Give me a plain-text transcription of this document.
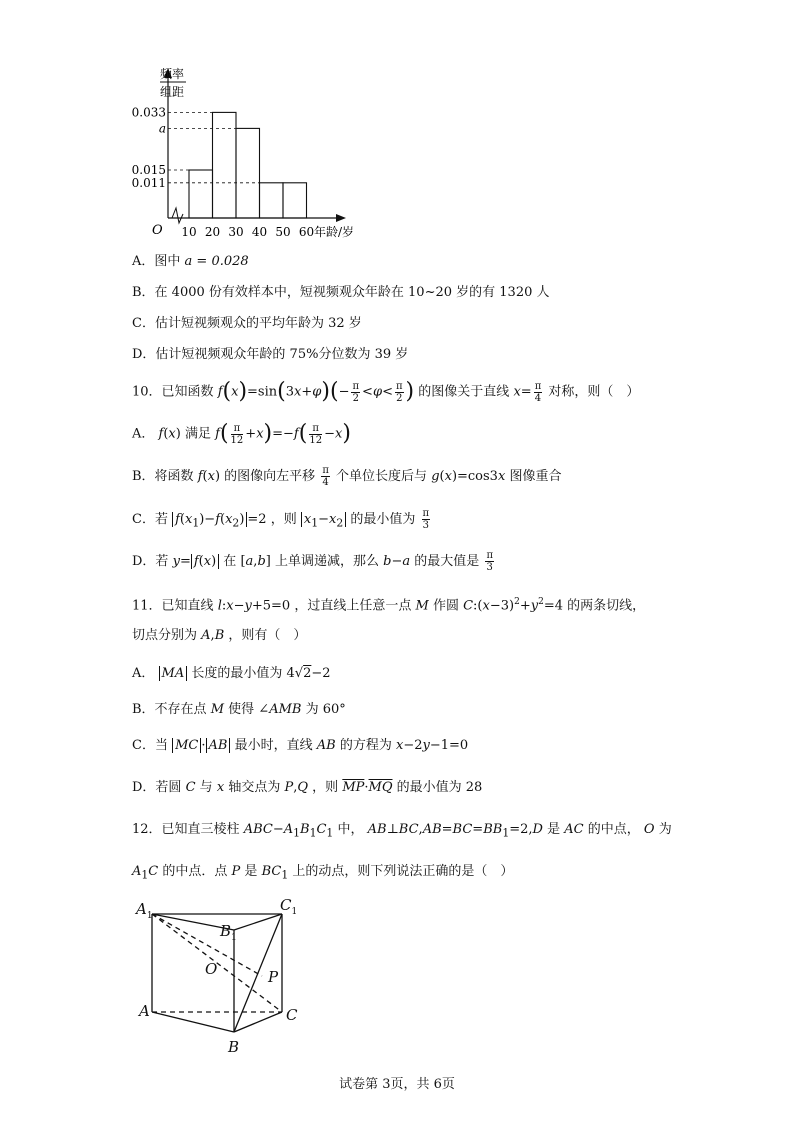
频率
组距
0.033
a
0.015
0.011
O 10 20 30 40 50 60 年龄/岁
A．图中 a = 0.028
B．在 4000 份有效样本中，短视频观众年龄在 10~20 岁的有 1320 人
C．估计短视频观众的平均年龄为 32 岁
D．估计短视频观众年龄的 75%分位数为 39 岁
10．已知函数 $f(x)=\sin(3x+\varphi)(- \frac{\pi}{2} <\varphi< \frac{\pi}{2}$ ) 的图像关于直线 $x= \frac{\pi}{4}$ 对称，则（　）
A． f(x) 满足 $f( \frac{\pi}{12} +x)=-f( \frac{\pi}{12} -x)$
B．将函数 f(x) 的图像向左平移 $\frac{\pi}{4}$ 个单位长度后与 g(x)=cos3x 图像重合
C．若 $f(x_1)-f(x_2) =2$ ，则 $x_1-x_2$ 的最小值为 $\frac{\pi}{3}$
D．若 y= f(x) 在 [a,b] 上单调递减，那么 b−a 的最大值是 $\frac{\pi}{3}$
11．已知直线 l:x−y+5=0 ，过直线上任意一点 M 作圆 $C:(x-3)^2+y^2=4$ 的两条切线，
切点分别为 A,B ，则有（　）
A． MA 长度的最小值为 4√2−2
B．不存在点 M 使得 ∠AMB 为 60°
C．当 MC · AB 最小时，直线 AB 的方程为 x−2y−1=0
D．若圆 C 与 x 轴交点为 P,Q ，则 $\overline{MP}\cdot\overline{MQ}$ 的最小值为 28
12．已知直三棱柱 $ABC-A_1B_1C_1$ 中， $AB\perp BC,AB=BC=BB_1=2,D$ 是 AC 的中点， O 为
$A_1C$ 的中点．点 P 是 $BC_1$ 上的动点，则下列说法正确的是（　）
$A_1$
$B_1$
$C_1$
O	P
A	C
B
试卷第 3页，共 6页
